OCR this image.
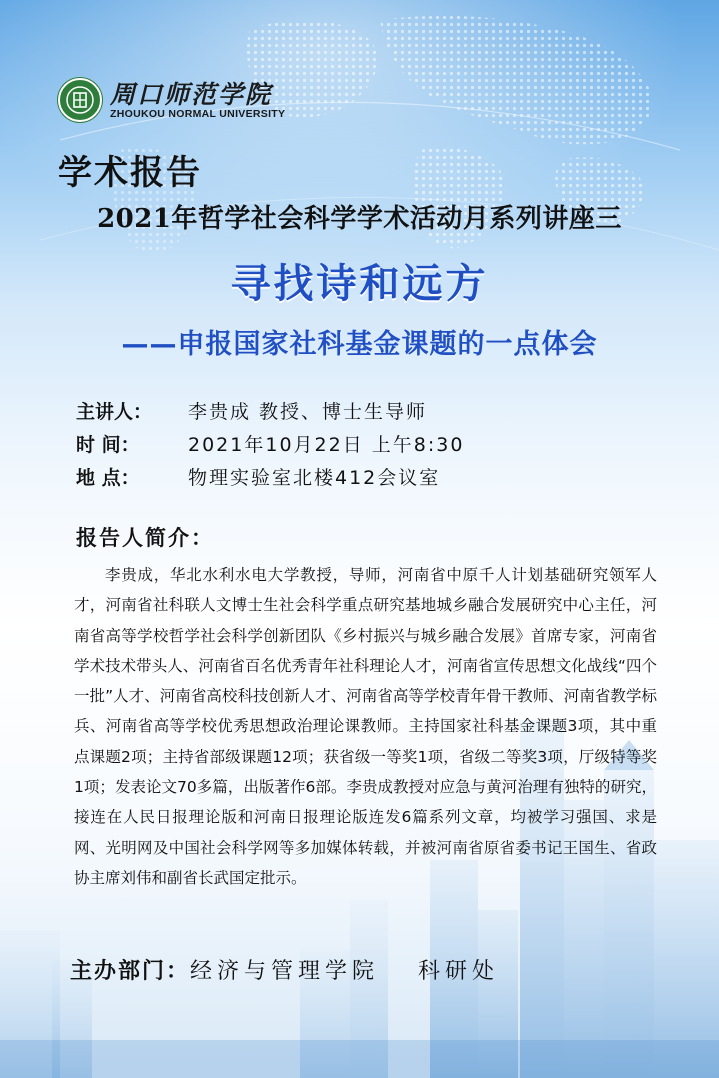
周口师范学院
ZHOUKOU NORMAL UNIVERSITY
学术报告
2021年哲学社会科学学术活动月系列讲座三
寻找诗和远方
——申报国家社科基金课题的一点体会
主讲人：	李贵成 教授、博士生导师
时 间：	2021年10月22日 上午8:30
地 点：	物理实验室北楼412会议室
报告人简介：
李贵成，华北水利水电大学教授，导师，河南省中原千人计划基础研究领军人才，河南省社科联人文博士生社会科学重点研究基地城乡融合发展研究中心主任，河南省高等学校哲学社会科学创新团队《乡村振兴与城乡融合发展》首席专家，河南省学术技术带头人、河南省百名优秀青年社科理论人才，河南省宣传思想文化战线“四个一批”人才、河南省高校科技创新人才、河南省高等学校青年骨干教师、河南省教学标兵、河南省高等学校优秀思想政治理论课教师。主持国家社科基金课题3项，其中重点课题2项；主持省部级课题12项；获省级一等奖1项，省级二等奖3项，厅级特等奖1项；发表论文70多篇，出版著作6部。李贵成教授对应急与黄河治理有独特的研究，接连在人民日报理论版和河南日报理论版连发6篇系列文章，均被学习强国、求是网、光明网及中国社会科学网等多加媒体转载，并被河南省原省委书记王国生、省政协主席刘伟和副省长武国定批示。
主办部门： 经济与管理学院　 科研处
